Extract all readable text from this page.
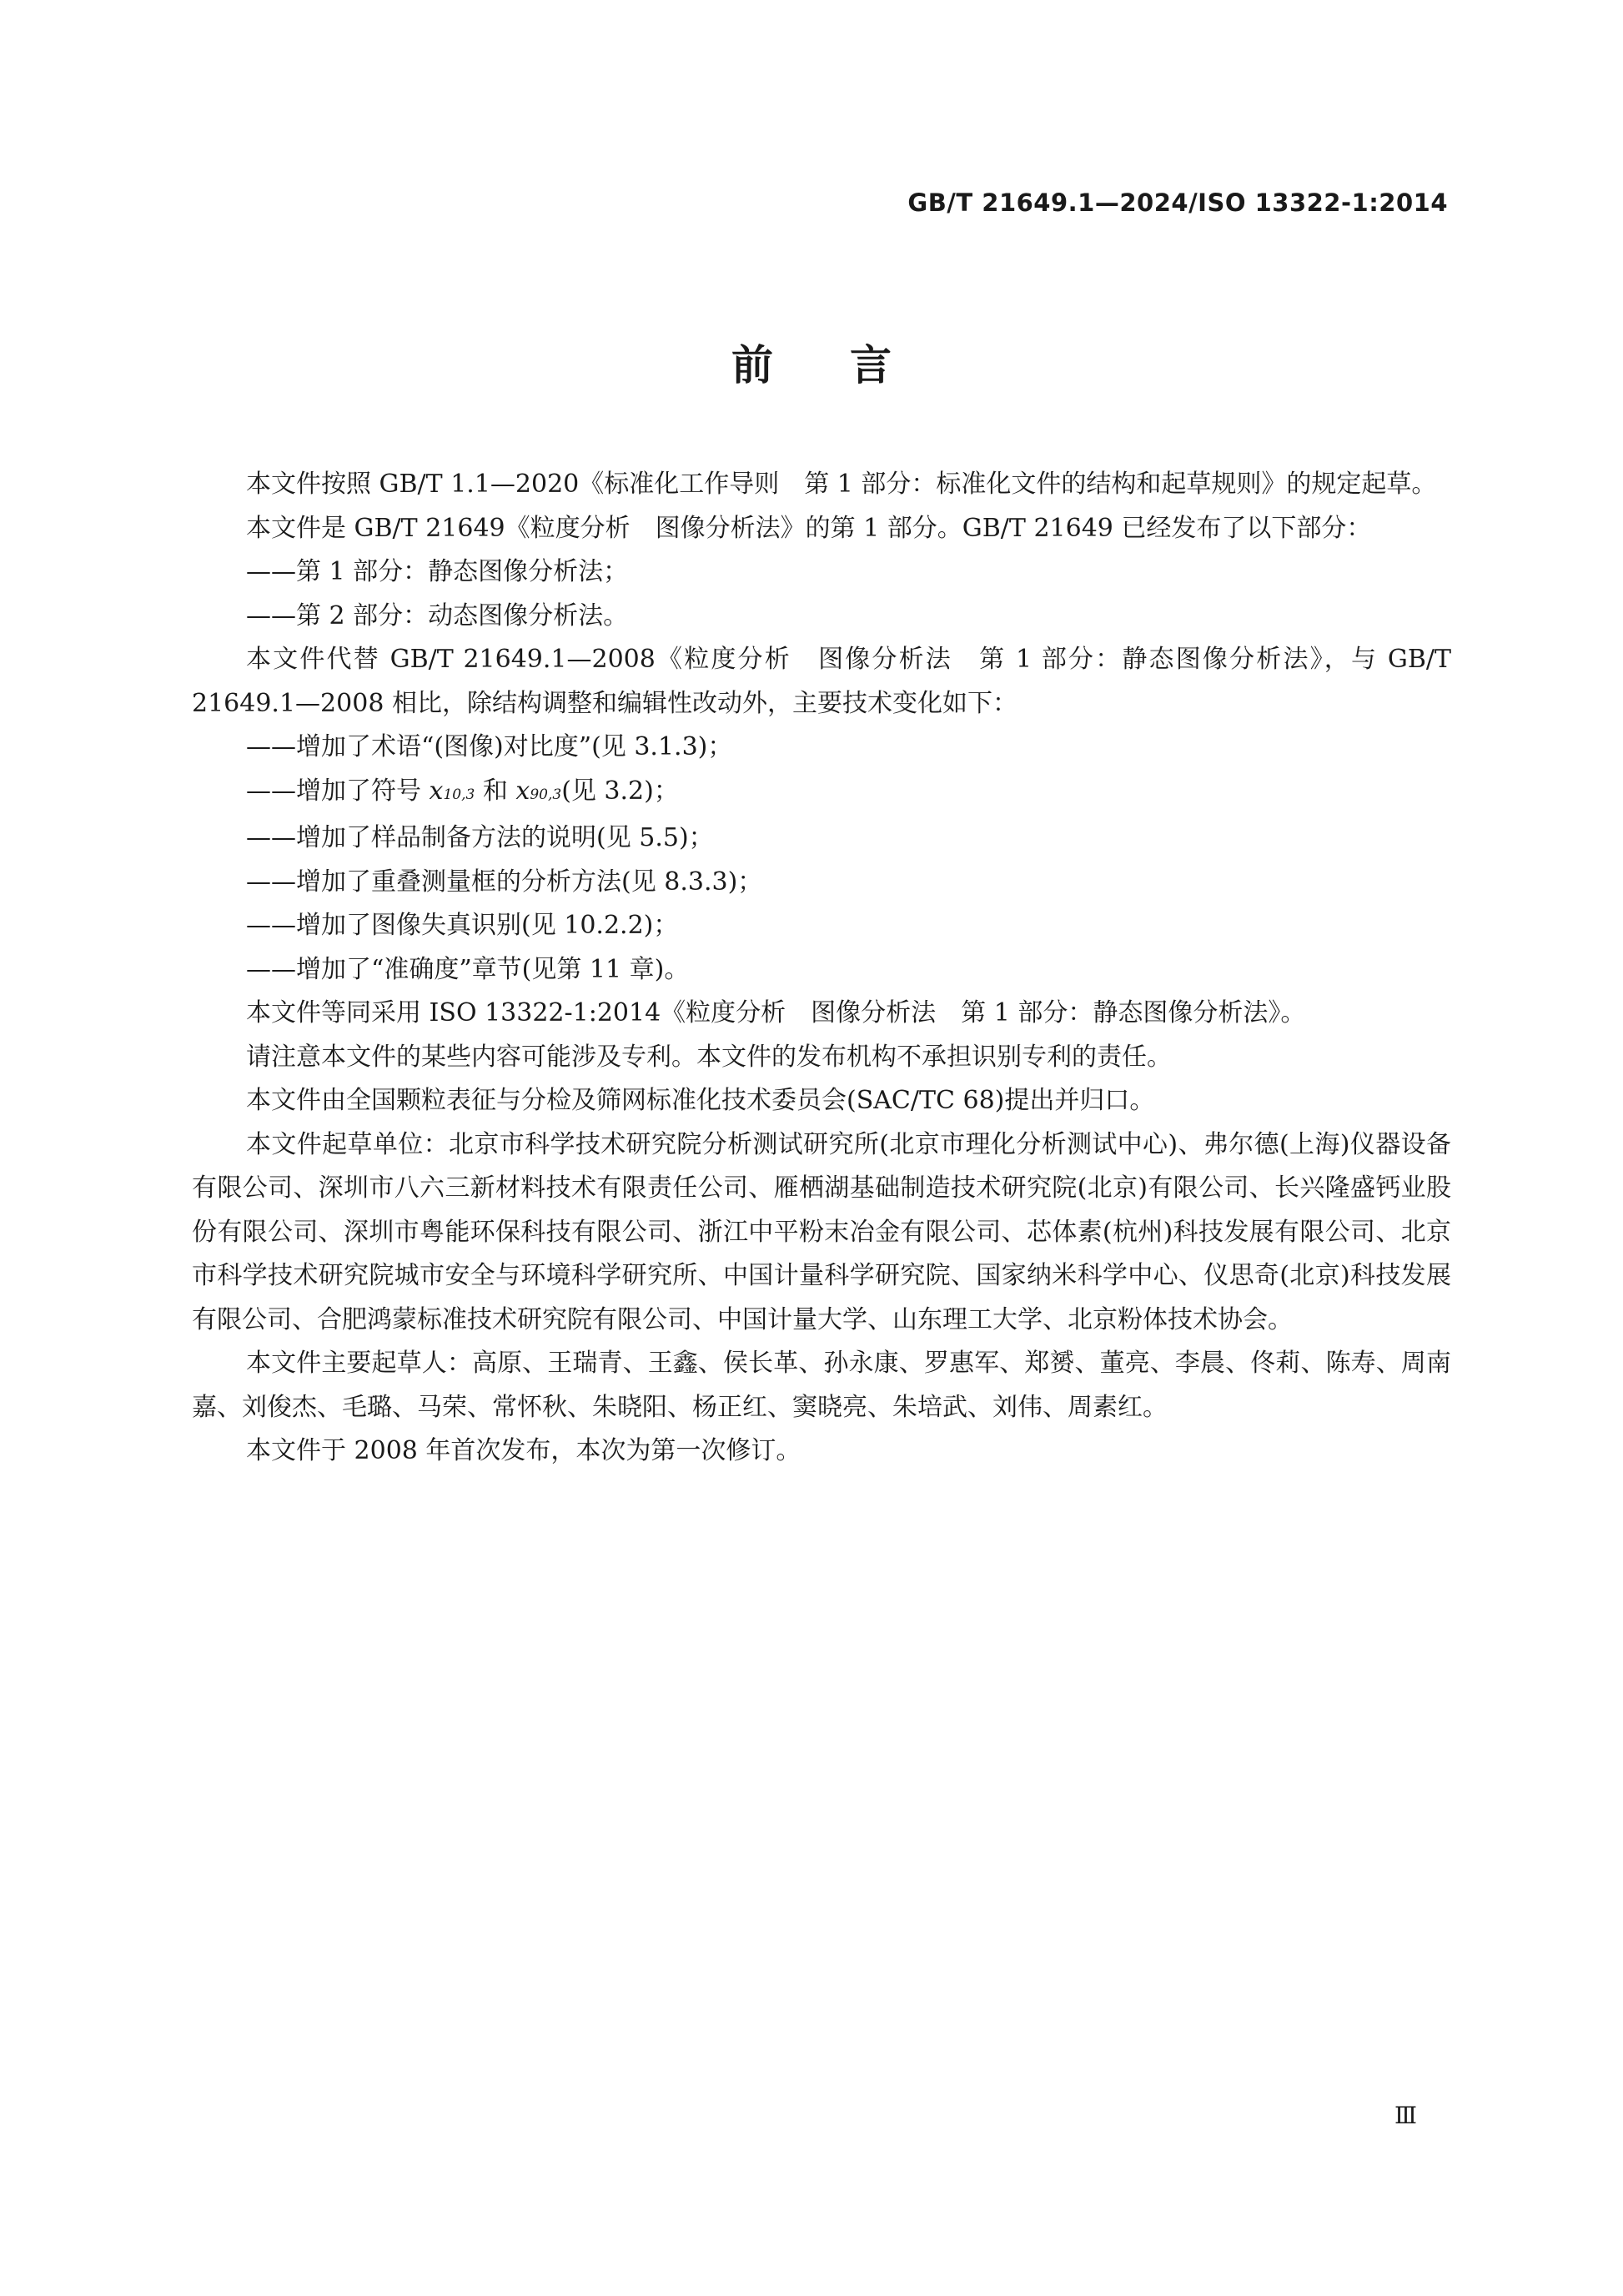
GB/T 21649.1—2024/ISO 13322-1:2014
前言

本文件按照 GB/T 1.1—2020《标准化工作导则　第 1 部分：标准化文件的结构和起草规则》的规定起草。

本文件是 GB/T 21649《粒度分析　图像分析法》的第 1 部分。GB/T 21649 已经发布了以下部分：

——第 1 部分：静态图像分析法；

——第 2 部分：动态图像分析法。

本文件代替 GB/T 21649.1—2008《粒度分析　图像分析法　第 1 部分：静态图像分析法》，与 GB/T 21649.1—2008 相比，除结构调整和编辑性改动外，主要技术变化如下：

——增加了术语“(图像)对比度”(见 3.1.3)；

——增加了符号 x10,3 和 x90,3(见 3.2)；

——增加了样品制备方法的说明(见 5.5)；

——增加了重叠测量框的分析方法(见 8.3.3)；

——增加了图像失真识别(见 10.2.2)；

——增加了“准确度”章节(见第 11 章)。

本文件等同采用 ISO 13322-1:2014《粒度分析　图像分析法　第 1 部分：静态图像分析法》。

请注意本文件的某些内容可能涉及专利。本文件的发布机构不承担识别专利的责任。

本文件由全国颗粒表征与分检及筛网标准化技术委员会(SAC/TC 68)提出并归口。

本文件起草单位：北京市科学技术研究院分析测试研究所(北京市理化分析测试中心)、弗尔德(上海)仪器设备有限公司、深圳市八六三新材料技术有限责任公司、雁栖湖基础制造技术研究院(北京)有限公司、长兴隆盛钙业股份有限公司、深圳市粤能环保科技有限公司、浙江中平粉末冶金有限公司、芯体素(杭州)科技发展有限公司、北京市科学技术研究院城市安全与环境科学研究所、中国计量科学研究院、国家纳米科学中心、仪思奇(北京)科技发展有限公司、合肥鸿蒙标准技术研究院有限公司、中国计量大学、山东理工大学、北京粉体技术协会。

本文件主要起草人：高原、王瑞青、王鑫、侯长革、孙永康、罗惠军、郑赟、董亮、李晨、佟莉、陈寿、周南嘉、刘俊杰、毛璐、马荣、常怀秋、朱晓阳、杨正红、窦晓亮、朱培武、刘伟、周素红。

本文件于 2008 年首次发布，本次为第一次修订。

Ⅲ
